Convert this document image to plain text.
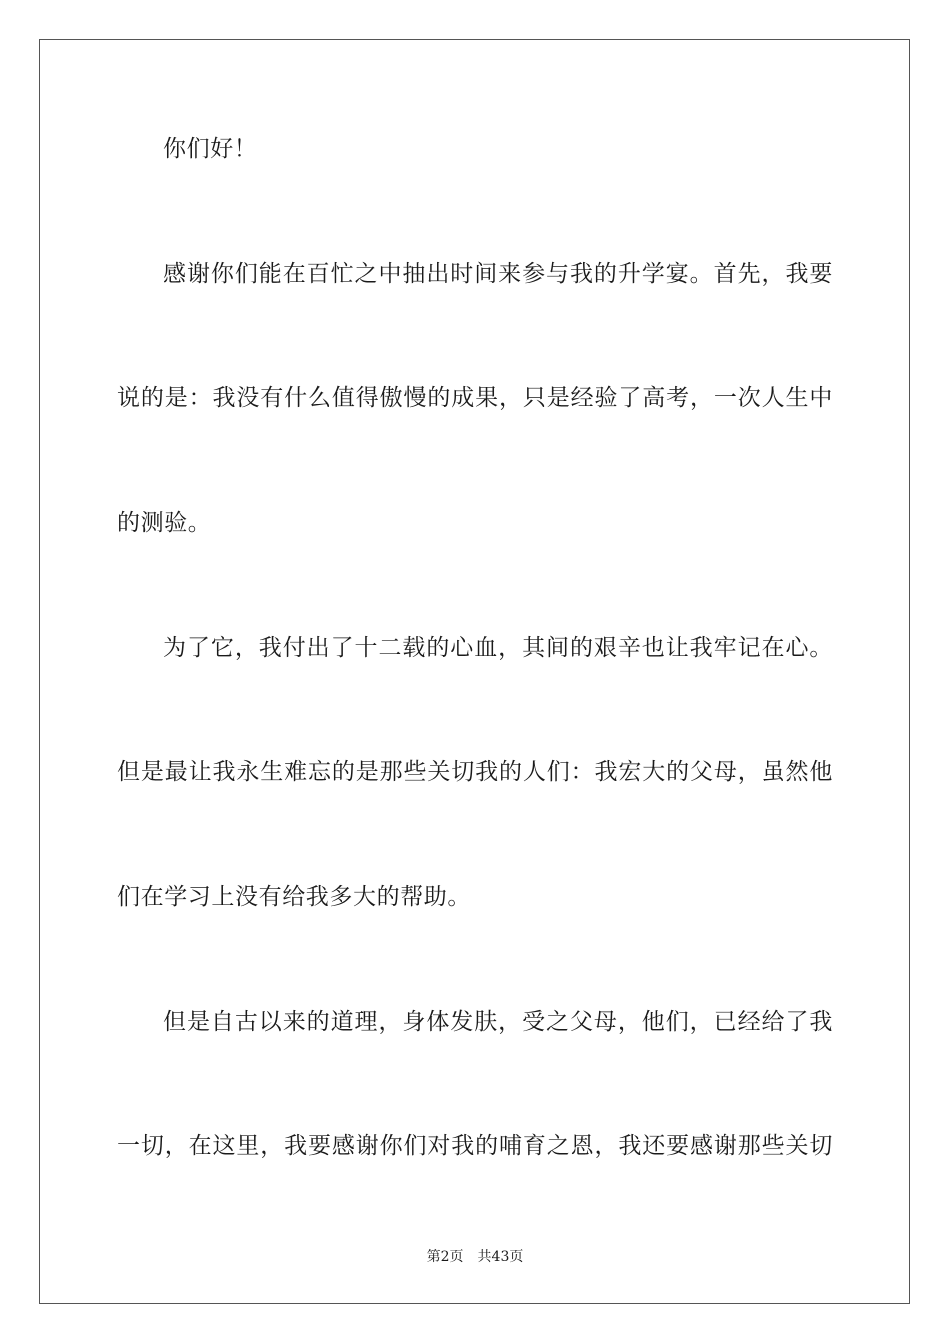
你们好！
感谢你们能在百忙之中抽出时间来参与我的升学宴。首先，我要
说的是：我没有什么值得傲慢的成果，只是经验了高考，一次人生中
的测验。
为了它，我付出了十二载的心血，其间的艰辛也让我牢记在心。
但是最让我永生难忘的是那些关切我的人们：我宏大的父母，虽然他
们在学习上没有给我多大的帮助。
但是自古以来的道理，身体发肤，受之父母，他们，已经给了我
一切，在这里，我要感谢你们对我的哺育之恩，我还要感谢那些关切
第2页 共43页
